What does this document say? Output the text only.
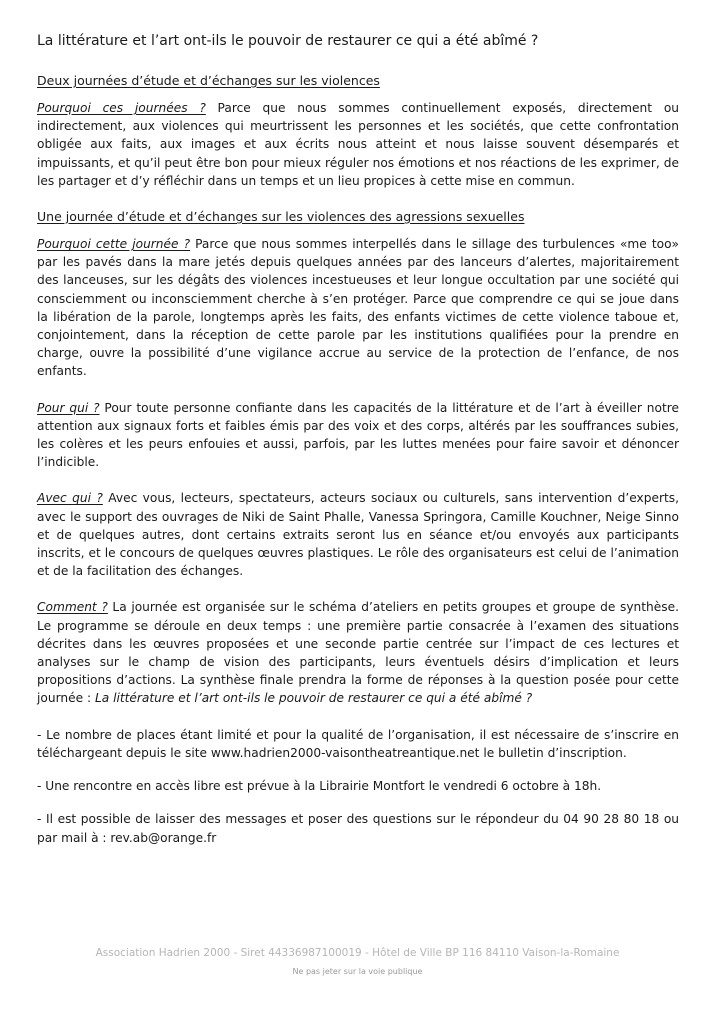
La littérature et l’art ont-ils le pouvoir de restaurer ce qui a été abîmé ?
Deux journées d’étude et d’échanges sur les violences

Pourquoi ces journées ? Parce que nous sommes continuellement exposés, directement ou indirectement, aux violences qui meurtrissent les personnes et les sociétés, que cette confrontation obligée aux faits, aux images et aux écrits nous atteint et nous laisse souvent désemparés et impuissants, et qu’il peut être bon pour mieux réguler nos émotions et nos réactions de les exprimer, de les partager et d’y réfléchir dans un temps et un lieu propices à cette mise en commun.

Une journée d’étude et d’échanges sur les violences des agressions sexuelles

Pourquoi cette journée ? Parce que nous sommes interpellés dans le sillage des turbulences «me too» par les pavés dans la mare jetés depuis quelques années par des lanceurs d’alertes, majoritairement des lanceuses, sur les dégâts des violences incestueuses et leur longue occultation par une société qui consciemment ou inconsciemment cherche à s’en protéger. Parce que comprendre ce qui se joue dans la libération de la parole, longtemps après les faits, des enfants victimes de cette violence taboue et, conjointement, dans la réception de cette parole par les institutions qualifiées pour la prendre en charge, ouvre la possibilité d’une vigilance accrue au service de la protection de l’enfance, de nos enfants.

Pour qui ? Pour toute personne confiante dans les capacités de la littérature et de l’art à éveiller notre attention aux signaux forts et faibles émis par des voix et des corps, altérés par les souffrances subies, les colères et les peurs enfouies et aussi, parfois, par les luttes menées pour faire savoir et dénoncer l’indicible.

Avec qui ? Avec vous, lecteurs, spectateurs, acteurs sociaux ou culturels, sans intervention d’experts, avec le support des ouvrages de Niki de Saint Phalle, Vanessa Springora, Camille Kouchner, Neige Sinno et de quelques autres, dont certains extraits seront lus en séance et/ou envoyés aux participants inscrits, et le concours de quelques œuvres plastiques. Le rôle des organisateurs est celui de l’animation et de la facilitation des échanges.

Comment ? La journée est organisée sur le schéma d’ateliers en petits groupes et groupe de synthèse. Le programme se déroule en deux temps : une première partie consacrée à l’examen des situations décrites dans les œuvres proposées et une seconde partie centrée sur l’impact de ces lectures et analyses sur le champ de vision des participants, leurs éventuels désirs d’implication et leurs propositions d’actions. La synthèse finale prendra la forme de réponses à la question posée pour cette journée : La littérature et l’art ont-ils le pouvoir de restaurer ce qui a été abîmé ?

- Le nombre de places étant limité et pour la qualité de l’organisation, il est nécessaire de s’inscrire en téléchargeant depuis le site www.hadrien2000-vaisontheatreantique.net le bulletin d’inscription.

- Une rencontre en accès libre est prévue à la Librairie Montfort le vendredi 6 octobre à 18h.

- Il est possible de laisser des messages et poser des questions sur le répondeur du 04 90 28 80 18 ou par mail à : rev.ab@orange.fr

Association Hadrien 2000 - Siret 44336987100019 - Hôtel de Ville BP 116 84110 Vaison-la-Romaine
Ne pas jeter sur la voie publique
